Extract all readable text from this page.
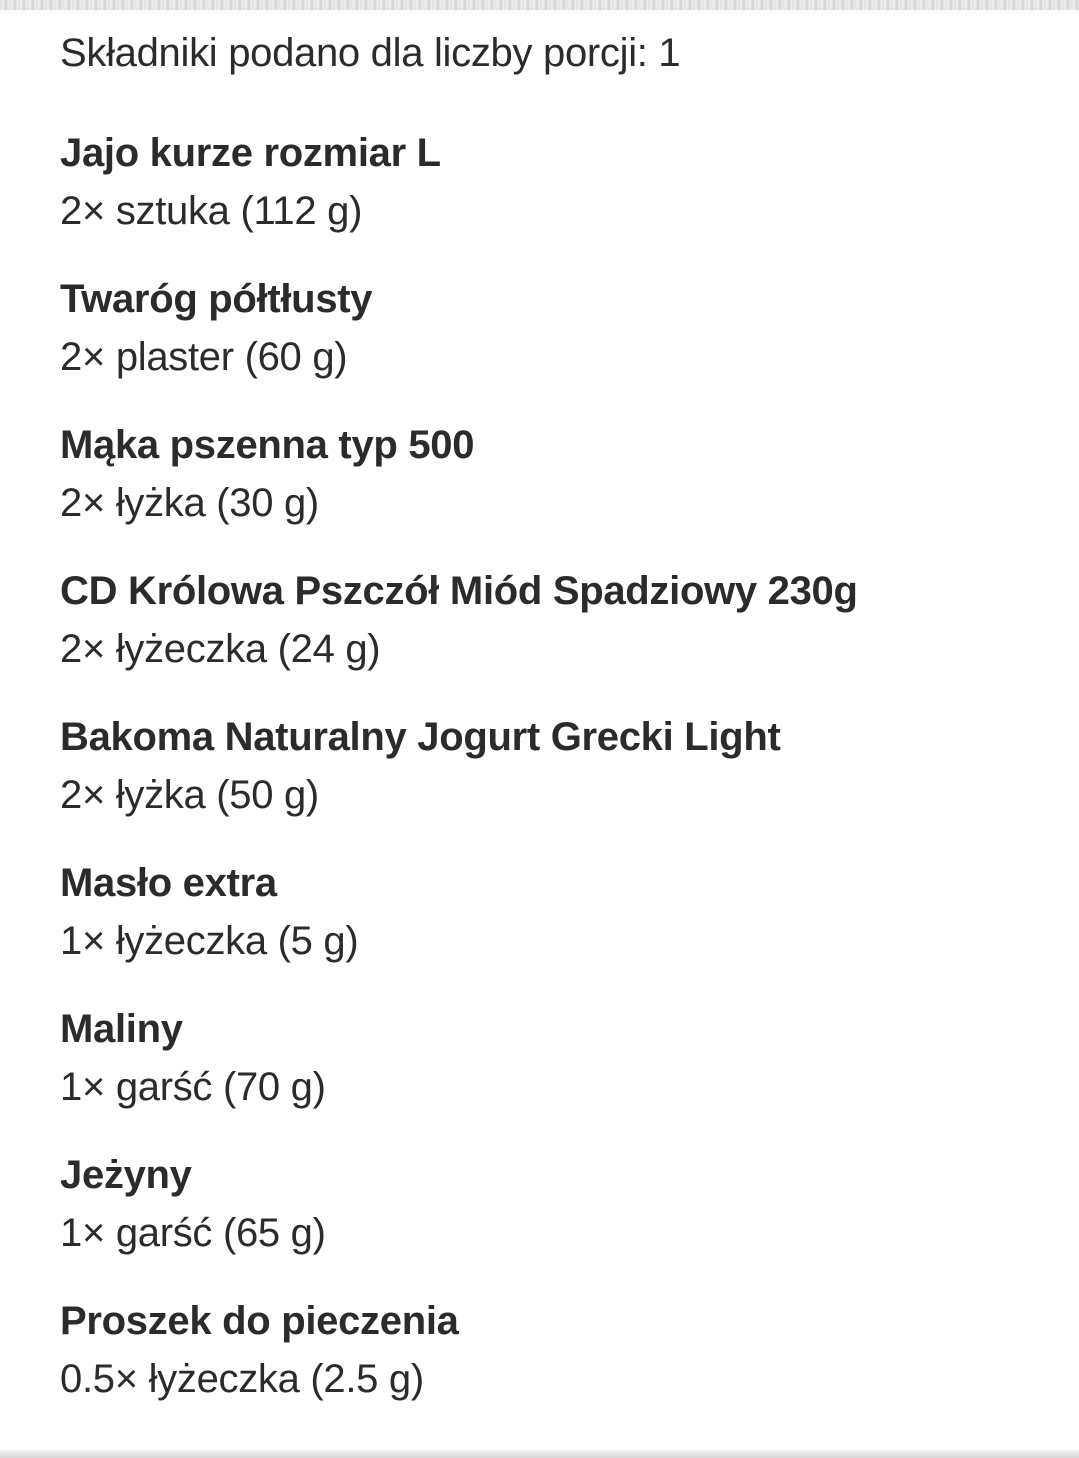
Składniki podano dla liczby porcji: 1
Jajo kurze rozmiar L
2× sztuka (112 g)
Twaróg półtłusty
2× plaster (60 g)
Mąka pszenna typ 500
2× łyżka (30 g)
CD Królowa Pszczół Miód Spadziowy 230g
2× łyżeczka (24 g)
Bakoma Naturalny Jogurt Grecki Light
2× łyżka (50 g)
Masło extra
1× łyżeczka (5 g)
Maliny
1× garść (70 g)
Jeżyny
1× garść (65 g)
Proszek do pieczenia
0.5× łyżeczka (2.5 g)
